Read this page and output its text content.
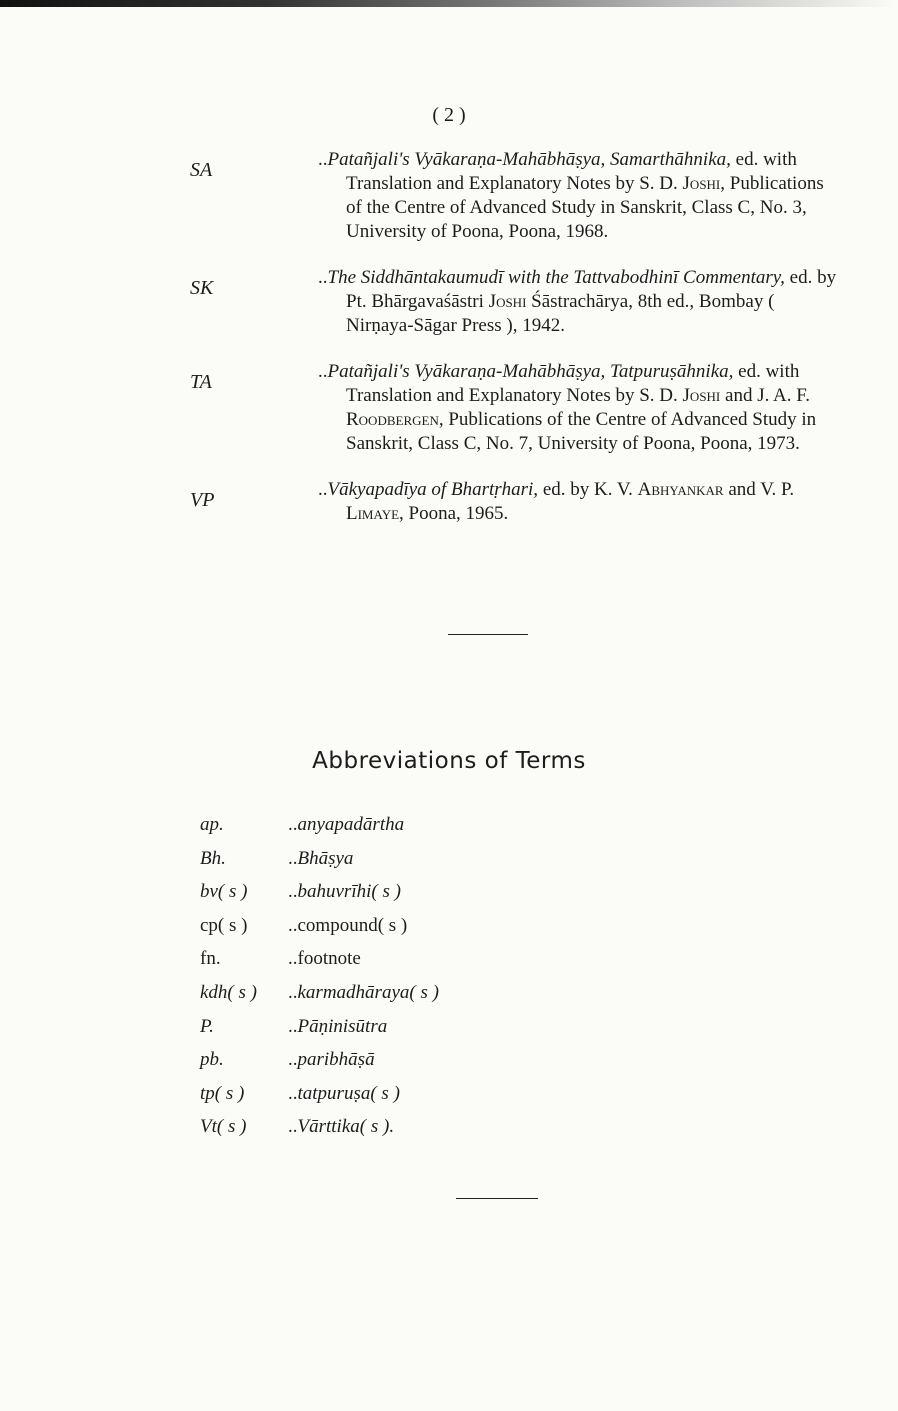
( 2 )
SA	..Patañjali's Vyākaraṇa-Mahābhāṣya, Samarthāhnika, ed. with Translation and Explanatory Notes by S. D. Joshi, Publications of the Centre of Advanced Study in Sanskrit, Class C, No. 3, University of Poona, Poona, 1968.
SK	..The Siddhāntakaumudī with the Tattvabodhinī Commentary, ed. by Pt. Bhārgavaśāstri Joshi Śāstrachārya, 8th ed., Bombay ( Nirṇaya-Sāgar Press ), 1942.
TA	..Patañjali's Vyākaraṇa-Mahābhāṣya, Tatpuruṣāhnika, ed. with Translation and Explanatory Notes by S. D. Joshi and J. A. F. Roodbergen, Publications of the Centre of Advanced Study in Sanskrit, Class C, No. 7, University of Poona, Poona, 1973.
VP	..Vākyapadīya of Bhartṛhari, ed. by K. V. Abhyankar and V. P. Limaye, Poona, 1965.
Abbreviations of Terms
ap.	.. anyapadārtha
Bh.	.. Bhāṣya
bv( s )	.. bahuvrīhi( s )
cp( s )	.. compound( s )
fn.	.. footnote
kdh( s )	.. karmadhāraya( s )
P.	.. Pāṇinisūtra
pb.	.. paribhāṣā
tp( s )	.. tatpuruṣa( s )
Vt( s )	.. Vārttika( s ).
